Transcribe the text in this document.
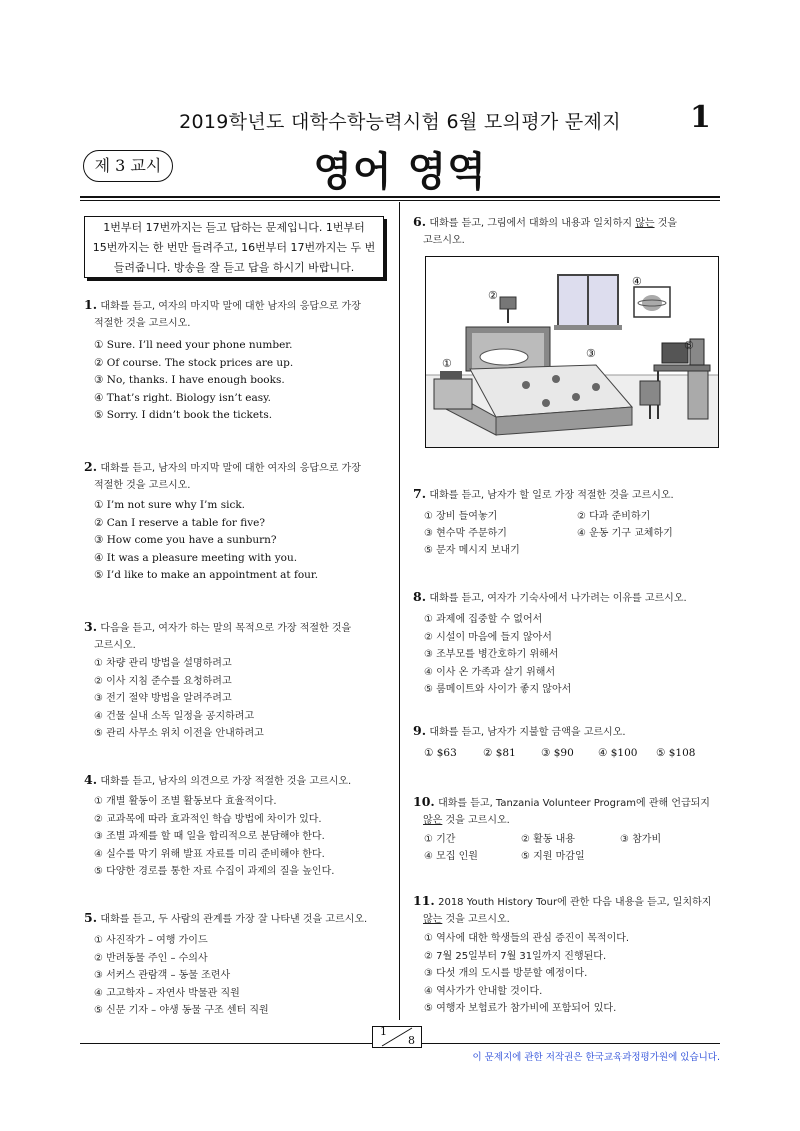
2019학년도 대학수학능력시험 6월 모의평가 문제지	1
제 3 교시	영어 영역
1번부터 17번까지는 듣고 답하는 문제입니다. 1번부터
15번까지는 한 번만 들려주고, 16번부터 17번까지는 두 번
들려줍니다. 방송을 잘 듣고 답을 하시기 바랍니다.
1. 대화를 듣고, 여자의 마지막 말에 대한 남자의 응답으로 가장
적절한 것을 고르시오.
① Sure. I’ll need your phone number.
② Of course. The stock prices are up.
③ No, thanks. I have enough books.
④ That’s right. Biology isn’t easy.
⑤ Sorry. I didn’t book the tickets.
2. 대화를 듣고, 남자의 마지막 말에 대한 여자의 응답으로 가장
적절한 것을 고르시오.
① I’m not sure why I’m sick.
② Can I reserve a table for five?
③ How come you have a sunburn?
④ It was a pleasure meeting with you.
⑤ I’d like to make an appointment at four.
3. 다음을 듣고, 여자가 하는 말의 목적으로 가장 적절한 것을
고르시오.
① 차량 관리 방법을 설명하려고
② 이사 지침 준수를 요청하려고
③ 전기 절약 방법을 알려주려고
④ 건물 실내 소독 일정을 공지하려고
⑤ 관리 사무소 위치 이전을 안내하려고
4. 대화를 듣고, 남자의 의견으로 가장 적절한 것을 고르시오.
① 개별 활동이 조별 활동보다 효율적이다.
② 교과목에 따라 효과적인 학습 방법에 차이가 있다.
③ 조별 과제를 할 때 일을 합리적으로 분담해야 한다.
④ 실수를 막기 위해 발표 자료를 미리 준비해야 한다.
⑤ 다양한 경로를 통한 자료 수집이 과제의 질을 높인다.
5. 대화를 듣고, 두 사람의 관계를 가장 잘 나타낸 것을 고르시오.
① 사진작가 – 여행 가이드
② 반려동물 주인 – 수의사
③ 서커스 관람객 – 동물 조련사
④ 고고학자 – 자연사 박물관 직원
⑤ 신문 기자 – 야생 동물 구조 센터 직원
6. 대화를 듣고, 그림에서 대화의 내용과 일치하지 않는 것을
고르시오.
①
②
③
④
⑤
7. 대화를 듣고, 남자가 할 일로 가장 적절한 것을 고르시오.
① 장비 들여놓기	② 다과 준비하기
③ 현수막 주문하기	④ 운동 기구 교체하기
⑤ 문자 메시지 보내기
8. 대화를 듣고, 여자가 기숙사에서 나가려는 이유를 고르시오.
① 과제에 집중할 수 없어서
② 시설이 마음에 들지 않아서
③ 조부모를 병간호하기 위해서
④ 이사 온 가족과 살기 위해서
⑤ 룸메이트와 사이가 좋지 않아서
9. 대화를 듣고, 남자가 지불할 금액을 고르시오.
① $63 ② $81 ③ $90 ④ $100 ⑤ $108
10. 대화를 듣고, Tanzania Volunteer Program에 관해 언급되지
않은 것을 고르시오.
① 기간	② 활동 내용	③ 참가비
④ 모집 인원	⑤ 지원 마감일
11. 2018 Youth History Tour에 관한 다음 내용을 듣고, 일치하지
않는 것을 고르시오.
① 역사에 대한 학생들의 관심 증진이 목적이다.
② 7월 25일부터 7월 31일까지 진행된다.
③ 다섯 개의 도시를 방문할 예정이다.
④ 역사가가 안내할 것이다.
⑤ 여행자 보험료가 참가비에 포함되어 있다.
1
8
이 문제지에 관한 저작권은 한국교육과정평가원에 있습니다.
